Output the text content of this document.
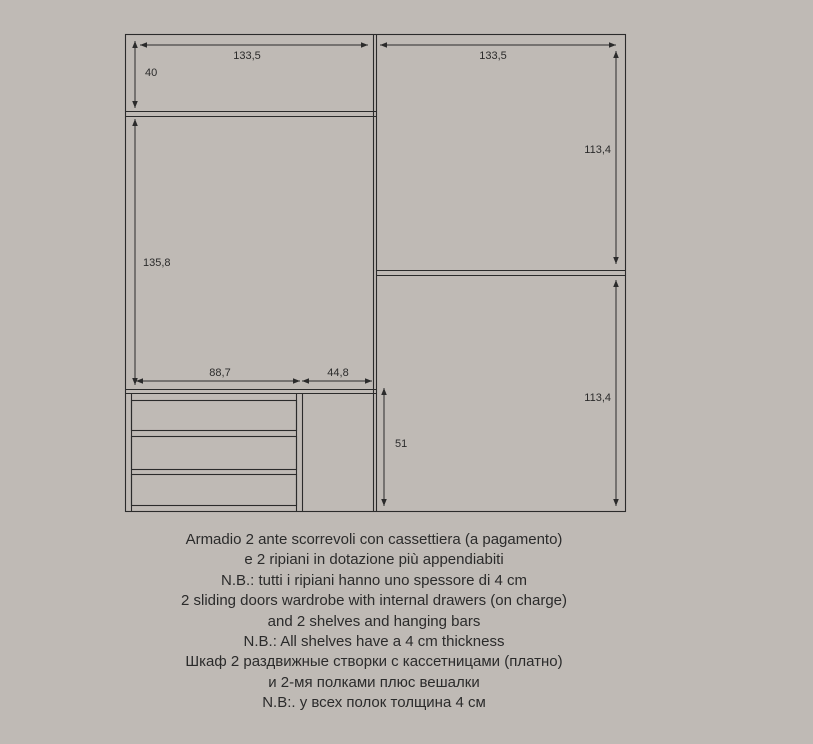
133,5	133,5
40
113,4
135,8
88,7	44,8
113,4
51
Armadio 2 ante scorrevoli con cassettiera (a pagamento)
e 2 ripiani in dotazione più appendiabiti
N.B.: tutti i ripiani hanno uno spessore di 4 cm
2 sliding doors wardrobe with internal drawers (on charge)
and 2 shelves and hanging bars
N.B.: All shelves have a 4 cm thickness
Шкаф 2 раздвижные створки с кассетницами (платно)
и 2-мя полками плюс вешалки
N.B:. у всех полок толщина 4 см
